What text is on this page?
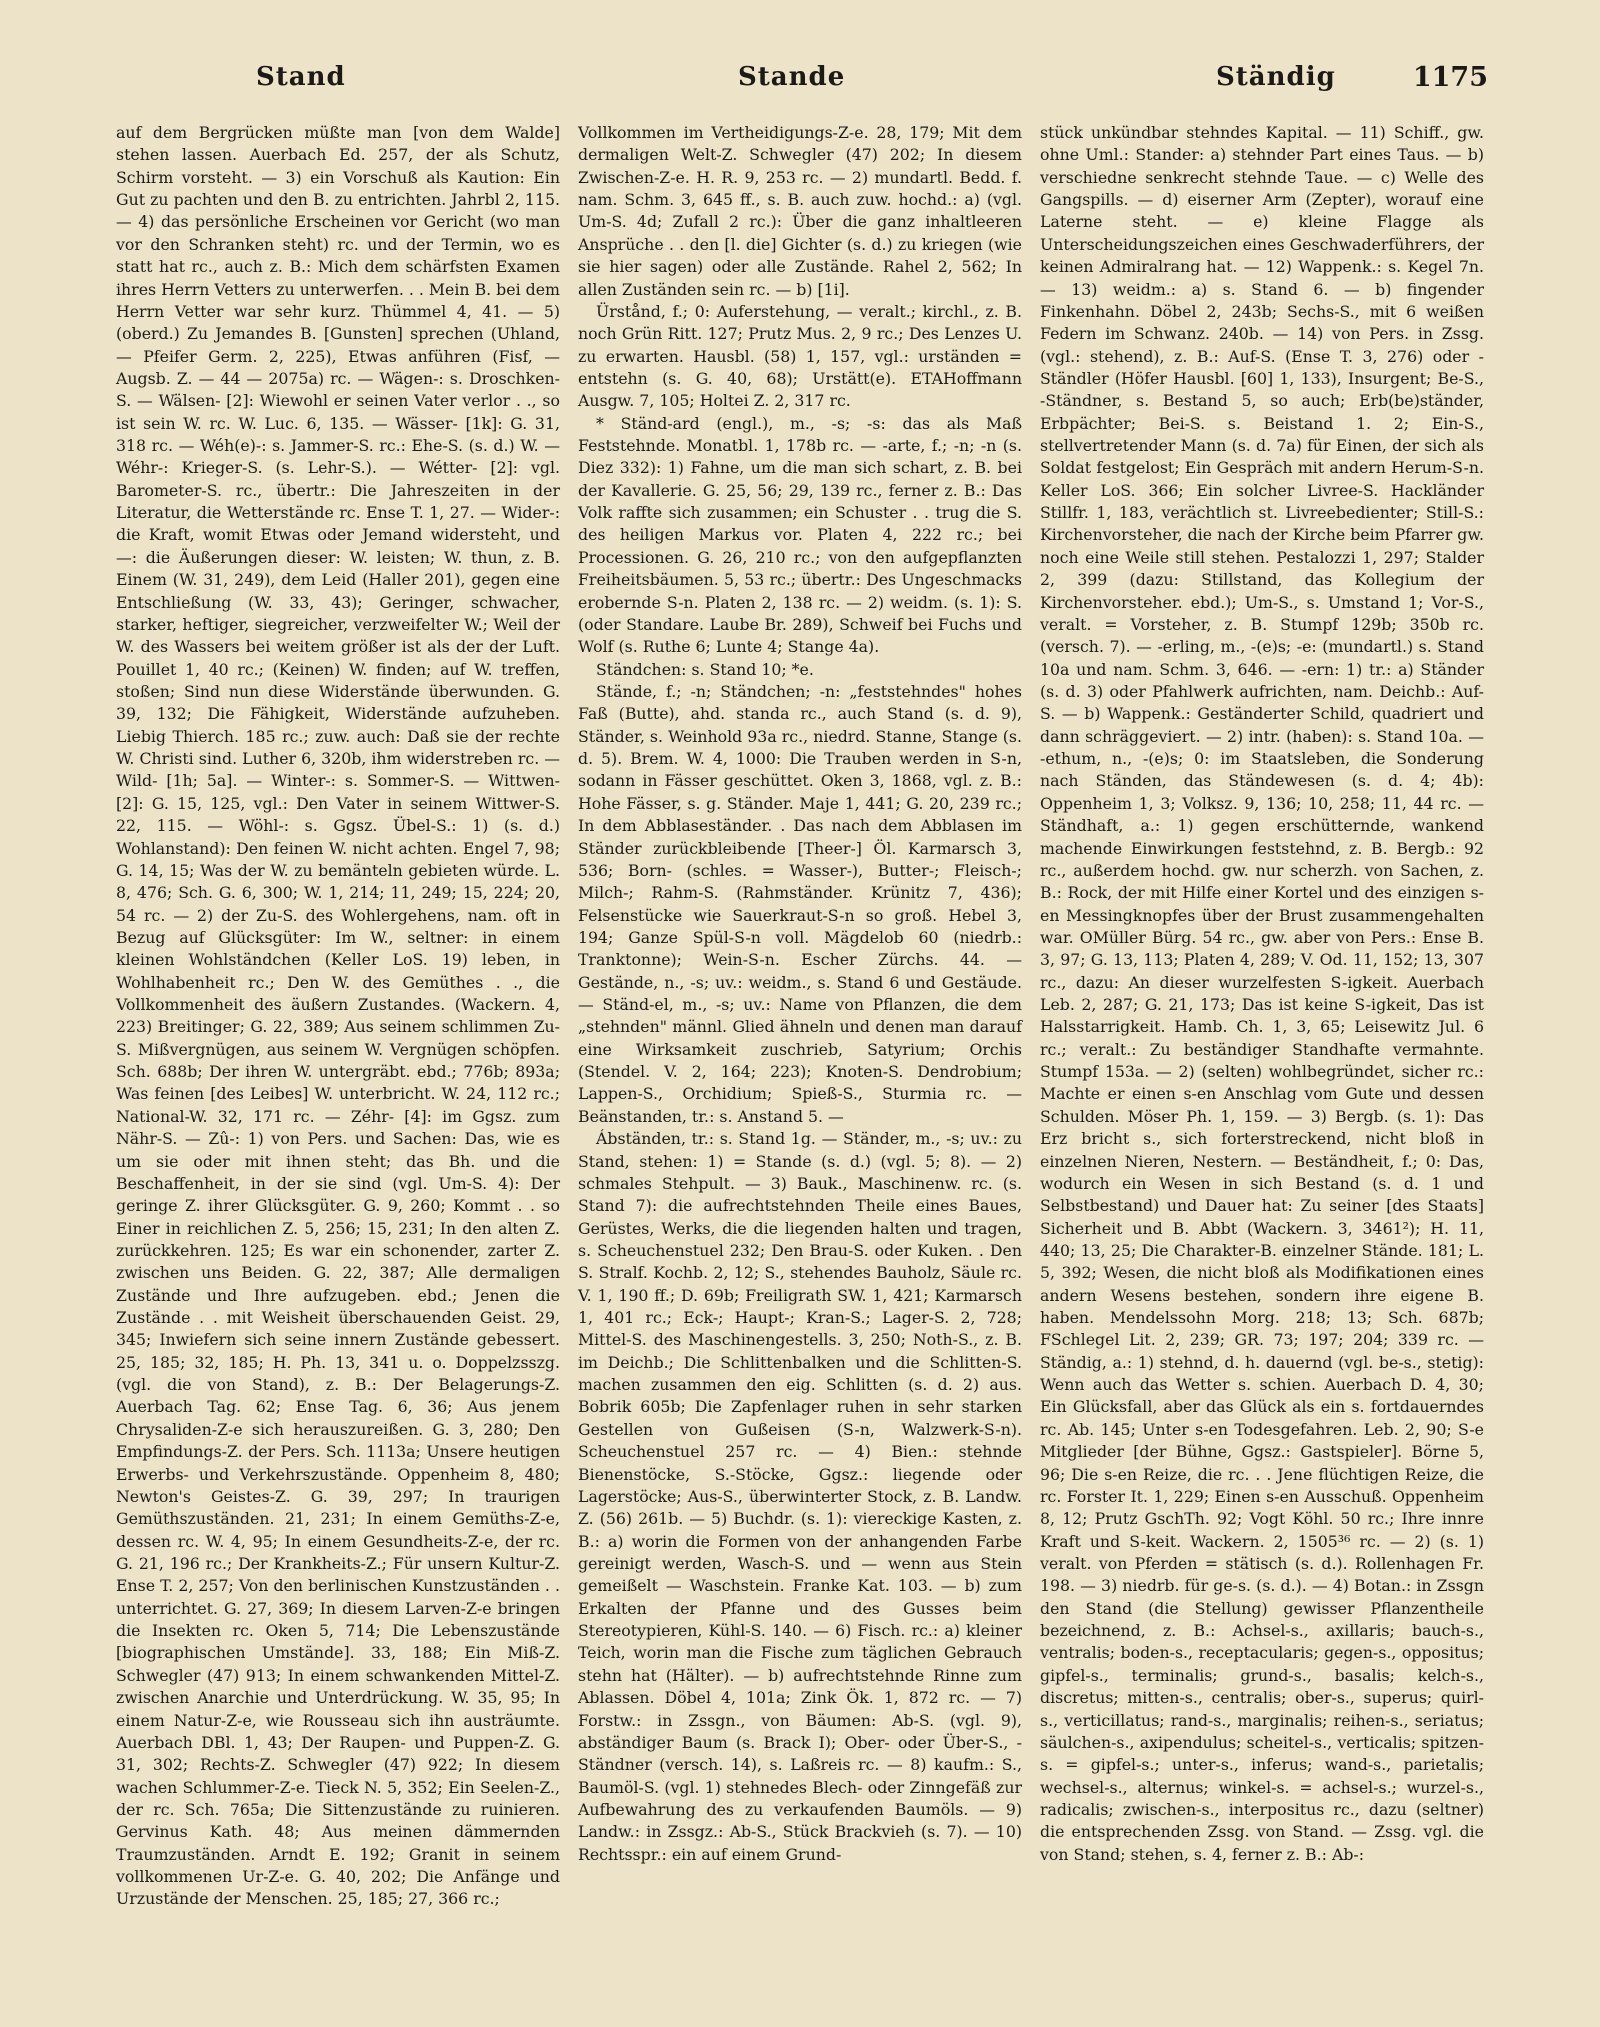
Stand	Stande	Ständig	1175

auf dem Bergrücken müßte man [von dem Walde] stehen lassen. Auerbach Ed. 257, der als Schutz, Schirm vorsteht. — 3) ein Vorschuß als Kaution: Ein Gut zu pachten und den B. zu entrichten. Jahrbl 2, 115. — 4) das persönliche Erscheinen vor Gericht (wo man vor den Schranken steht) rc. und der Termin, wo es statt hat rc., auch z. B.: Mich dem schärfsten Examen ihres Herrn Vetters zu unterwerfen. . . Mein B. bei dem Herrn Vetter war sehr kurz. Thümmel 4, 41. — 5) (oberd.) Zu Jemandes B. [Gunsten] sprechen (Uhland, — Pfeifer Germ. 2, 225), Etwas anführen (Fisf, — Augsb. Z. — 44 — 2075a) rc. — Wägen-: s. Droschken-S. — Wälsen- [2]: Wiewohl er seinen Vater verlor . ., so ist sein W. rc. W. Luc. 6, 135. — Wässer- [1k]: G. 31, 318 rc. — Wéh(e)-: s. Jammer-S. rc.: Ehe-S. (s. d.) W. — Wéhr-: Krieger-S. (s. Lehr-S.). — Wétter- [2]: vgl. Barometer-S. rc., übertr.: Die Jahreszeiten in der Literatur, die Wetterstände rc. Ense T. 1, 27. — Wider-: die Kraft, womit Etwas oder Jemand widersteht, und —: die Äußerungen dieser: W. leisten; W. thun, z. B. Einem (W. 31, 249), dem Leid (Haller 201), gegen eine Entschließung (W. 33, 43); Geringer, schwacher, starker, heftiger, siegreicher, verzweifelter W.; Weil der W. des Wassers bei weitem größer ist als der der Luft. Pouillet 1, 40 rc.; (Keinen) W. finden; auf W. treffen, stoßen; Sind nun diese Widerstände überwunden. G. 39, 132; Die Fähigkeit, Widerstände aufzuheben. Liebig Thierch. 185 rc.; zuw. auch: Daß sie der rechte W. Christi sind. Luther 6, 320b, ihm widerstreben rc. — Wild- [1h; 5a]. — Winter-: s. Sommer-S. — Wittwen- [2]: G. 15, 125, vgl.: Den Vater in seinem Wittwer-S. 22, 115. — Wöhl-: s. Ggsz. Übel-S.: 1) (s. d.) Wohlanstand): Den feinen W. nicht achten. Engel 7, 98; G. 14, 15; Was der W. zu bemänteln gebieten würde. L. 8, 476; Sch. G. 6, 300; W. 1, 214; 11, 249; 15, 224; 20, 54 rc. — 2) der Zu-S. des Wohlergehens, nam. oft in Bezug auf Glücksgüter: Im W., seltner: in einem kleinen Wohlständchen (Keller LoS. 19) leben, in Wohlhabenheit rc.; Den W. des Gemüthes . ., die Vollkommenheit des äußern Zustandes. (Wackern. 4, 223) Breitinger; G. 22, 389; Aus seinem schlimmen Zu-S. Mißvergnügen, aus seinem W. Vergnügen schöpfen. Sch. 688b; Der ihren W. untergräbt. ebd.; 776b; 893a; Was feinen [des Leibes] W. unterbricht. W. 24, 112 rc.; National-W. 32, 171 rc. — Zéhr- [4]: im Ggsz. zum Nähr-S. — Zû-: 1) von Pers. und Sachen: Das, wie es um sie oder mit ihnen steht; das Bh. und die Beschaffenheit, in der sie sind (vgl. Um-S. 4): Der geringe Z. ihrer Glücksgüter. G. 9, 260; Kommt . . so Einer in reichlichen Z. 5, 256; 15, 231; In den alten Z. zurückkehren. 125; Es war ein schonender, zarter Z. zwischen uns Beiden. G. 22, 387; Alle dermaligen Zustände und Ihre aufzugeben. ebd.; Jenen die Zustände . . mit Weisheit überschauenden Geist. 29, 345; Inwiefern sich seine innern Zustände gebessert. 25, 185; 32, 185; H. Ph. 13, 341 u. o. Doppelzsszg. (vgl. die von Stand), z. B.: Der Belagerungs-Z. Auerbach Tag. 62; Ense Tag. 6, 36; Aus jenem Chrysaliden-Z-e sich herauszureißen. G. 3, 280; Den Empfindungs-Z. der Pers. Sch. 1113a; Unsere heutigen Erwerbs- und Verkehrszustände. Oppenheim 8, 480; Newton's Geistes-Z. G. 39, 297; In traurigen Gemüthszuständen. 21, 231; In einem Gemüths-Z-e, dessen rc. W. 4, 95; In einem Gesundheits-Z-e, der rc. G. 21, 196 rc.; Der Krankheits-Z.; Für unsern Kultur-Z. Ense T. 2, 257; Von den berlinischen Kunstzuständen . . unterrichtet. G. 27, 369; In diesem Larven-Z-e bringen die Insekten rc. Oken 5, 714; Die Lebenszustände [biographischen Umstände]. 33, 188; Ein Miß-Z. Schwegler (47) 913; In einem schwankenden Mittel-Z. zwischen Anarchie und Unterdrückung. W. 35, 95; In einem Natur-Z-e, wie Rousseau sich ihn austräumte. Auerbach DBl. 1, 43; Der Raupen- und Puppen-Z. G. 31, 302; Rechts-Z. Schwegler (47) 922; In diesem wachen Schlummer-Z-e. Tieck N. 5, 352; Ein Seelen-Z., der rc. Sch. 765a; Die Sittenzustände zu ruinieren. Gervinus Kath. 48; Aus meinen dämmernden Traumzuständen. Arndt E. 192; Granit in seinem vollkommenen Ur-Z-e. G. 40, 202; Die Anfänge und Urzustände der Menschen. 25, 185; 27, 366 rc.;

Vollkommen im Vertheidigungs-Z-e. 28, 179; Mit dem dermaligen Welt-Z. Schwegler (47) 202; In diesem Zwischen-Z-e. H. R. 9, 253 rc. — 2) mundartl. Bedd. f. nam. Schm. 3, 645 ff., s. B. auch zuw. hochd.: a) (vgl. Um-S. 4d; Zufall 2 rc.): Über die ganz inhaltleeren Ansprüche . . den [l. die] Gichter (s. d.) zu kriegen (wie sie hier sagen) oder alle Zustände. Rahel 2, 562; In allen Zuständen sein rc. — b) [1i].

Ürstånd, f.; 0: Auferstehung, — veralt.; kirchl., z. B. noch Grün Ritt. 127; Prutz Mus. 2, 9 rc.; Des Lenzes U. zu erwarten. Hausbl. (58) 1, 157, vgl.: urständen = entstehn (s. G. 40, 68); Urstätt(e). ETAHoffmann Ausgw. 7, 105; Holtei Z. 2, 317 rc.

* Ständ-ard (engl.), m., -s; -s: das als Maß Feststehnde. Monatbl. 1, 178b rc. — -arte, f.; -n; -n (s. Diez 332): 1) Fahne, um die man sich schart, z. B. bei der Kavallerie. G. 25, 56; 29, 139 rc., ferner z. B.: Das Volk raffte sich zusammen; ein Schuster . . trug die S. des heiligen Markus vor. Platen 4, 222 rc.; bei Processionen. G. 26, 210 rc.; von den aufgepflanzten Freiheitsbäumen. 5, 53 rc.; übertr.: Des Ungeschmacks erobernde S-n. Platen 2, 138 rc. — 2) weidm. (s. 1): S. (oder Standare. Laube Br. 289), Schweif bei Fuchs und Wolf (s. Ruthe 6; Lunte 4; Stange 4a).

Ständchen: s. Stand 10; *e.

Stände, f.; -n; Ständchen; -n: „feststehndes" hohes Faß (Butte), ahd. standa rc., auch Stand (s. d. 9), Ständer, s. Weinhold 93a rc., niedrd. Stanne, Stange (s. d. 5). Brem. W. 4, 1000: Die Trauben werden in S-n, sodann in Fässer geschüttet. Oken 3, 1868, vgl. z. B.: Hohe Fässer, s. g. Ständer. Maje 1, 441; G. 20, 239 rc.; In dem Abblaseständer. . Das nach dem Abblasen im Ständer zurückbleibende [Theer-] Öl. Karmarsch 3, 536; Born- (schles. = Wasser-), Butter-; Fleisch-; Milch-; Rahm-S. (Rahmständer. Krünitz 7, 436); Felsenstücke wie Sauerkraut-S-n so groß. Hebel 3, 194; Ganze Spül-S-n voll. Mägdelob 60 (niedrb.: Tranktonne); Wein-S-n. Escher Zürchs. 44. — Gestände, n., -s; uv.: weidm., s. Stand 6 und Gestäude. — Ständ-el, m., -s; uv.: Name von Pflanzen, die dem „stehnden" männl. Glied ähneln und denen man darauf eine Wirksamkeit zuschrieb, Satyrium; Orchis (Stendel. V. 2, 164; 223); Knoten-S. Dendrobium; Lappen-S., Orchidium; Spieß-S., Sturmia rc. — Beänstanden, tr.: s. Anstand 5. —

Ábständen, tr.: s. Stand 1g. — Ständer, m., -s; uv.: zu Stand, stehen: 1) = Stande (s. d.) (vgl. 5; 8). — 2) schmales Stehpult. — 3) Bauk., Maschinenw. rc. (s. Stand 7): die aufrechtstehnden Theile eines Baues, Gerüstes, Werks, die die liegenden halten und tragen, s. Scheuchenstuel 232; Den Brau-S. oder Kuken. . Den S. Stralf. Kochb. 2, 12; S., stehendes Bauholz, Säule rc. V. 1, 190 ff.; D. 69b; Freiligrath SW. 1, 421; Karmarsch 1, 401 rc.; Eck-; Haupt-; Kran-S.; Lager-S. 2, 728; Mittel-S. des Maschinengestells. 3, 250; Noth-S., z. B. im Deichb.; Die Schlittenbalken und die Schlitten-S. machen zusammen den eig. Schlitten (s. d. 2) aus. Bobrik 605b; Die Zapfenlager ruhen in sehr starken Gestellen von Gußeisen (S-n, Walzwerk-S-n). Scheuchenstuel 257 rc. — 4) Bien.: stehnde Bienenstöcke, S.-Stöcke, Ggsz.: liegende oder Lagerstöcke; Aus-S., überwinterter Stock, z. B. Landw. Z. (56) 261b. — 5) Buchdr. (s. 1): viereckige Kasten, z. B.: a) worin die Formen von der anhangenden Farbe gereinigt werden, Wasch-S. und — wenn aus Stein gemeißelt — Waschstein. Franke Kat. 103. — b) zum Erkalten der Pfanne und des Gusses beim Stereotypieren, Kühl-S. 140. — 6) Fisch. rc.: a) kleiner Teich, worin man die Fische zum täglichen Gebrauch stehn hat (Hälter). — b) aufrechtstehnde Rinne zum Ablassen. Döbel 4, 101a; Zink Ök. 1, 872 rc. — 7) Forstw.: in Zssgn., von Bäumen: Ab-S. (vgl. 9), abständiger Baum (s. Brack I); Ober- oder Über-S., -Ständner (versch. 14), s. Laßreis rc. — 8) kaufm.: S., Baumöl-S. (vgl. 1) stehnedes Blech- oder Zinngefäß zur Aufbewahrung des zu verkaufenden Baumöls. — 9) Landw.: in Zssgz.: Ab-S., Stück Brackvieh (s. 7). — 10) Rechtsspr.: ein auf einem Grund-

stück unkündbar stehndes Kapital. — 11) Schiff., gw. ohne Uml.: Stander: a) stehnder Part eines Taus. — b) verschiedne senkrecht stehnde Taue. — c) Welle des Gangspills. — d) eiserner Arm (Zepter), worauf eine Laterne steht. — e) kleine Flagge als Unterscheidungszeichen eines Geschwaderführers, der keinen Admiralrang hat. — 12) Wappenk.: s. Kegel 7n. — 13) weidm.: a) s. Stand 6. — b) fingender Finkenhahn. Döbel 2, 243b; Sechs-S., mit 6 weißen Federn im Schwanz. 240b. — 14) von Pers. in Zssg. (vgl.: stehend), z. B.: Auf-S. (Ense T. 3, 276) oder -Ständler (Höfer Hausbl. [60] 1, 133), Insurgent; Be-S., -Ständner, s. Bestand 5, so auch; Erb(be)ständer, Erbpächter; Bei-S. s. Beistand 1. 2; Ein-S., stellvertretender Mann (s. d. 7a) für Einen, der sich als Soldat festgelost; Ein Gespräch mit andern Herum-S-n. Keller LoS. 366; Ein solcher Livree-S. Hackländer Stillfr. 1, 183, verächtlich st. Livreebedienter; Still-S.: Kirchenvorsteher, die nach der Kirche beim Pfarrer gw. noch eine Weile still stehen. Pestalozzi 1, 297; Stalder 2, 399 (dazu: Stillstand, das Kollegium der Kirchenvorsteher. ebd.); Um-S., s. Umstand 1; Vor-S., veralt. = Vorsteher, z. B. Stumpf 129b; 350b rc. (versch. 7). — -erling, m., -(e)s; -e: (mundartl.) s. Stand 10a und nam. Schm. 3, 646. — -ern: 1) tr.: a) Ständer (s. d. 3) oder Pfahlwerk aufrichten, nam. Deichb.: Auf-S. — b) Wappenk.: Geständerter Schild, quadriert und dann schräggeviert. — 2) intr. (haben): s. Stand 10a. — -ethum, n., -(e)s; 0: im Staatsleben, die Sonderung nach Ständen, das Ständewesen (s. d. 4; 4b): Oppenheim 1, 3; Volksz. 9, 136; 10, 258; 11, 44 rc. — Ständhaft, a.: 1) gegen erschütternde, wankend machende Einwirkungen feststehnd, z. B. Bergb.: 92 rc., außerdem hochd. gw. nur scherzh. von Sachen, z. B.: Rock, der mit Hilfe einer Kortel und des einzigen s-en Messingknopfes über der Brust zusammengehalten war. OMüller Bürg. 54 rc., gw. aber von Pers.: Ense B. 3, 97; G. 13, 113; Platen 4, 289; V. Od. 11, 152; 13, 307 rc., dazu: An dieser wurzelfesten S-igkeit. Auerbach Leb. 2, 287; G. 21, 173; Das ist keine S-igkeit, Das ist Halsstarrigkeit. Hamb. Ch. 1, 3, 65; Leisewitz Jul. 6 rc.; veralt.: Zu beständiger Standhafte vermahnte. Stumpf 153a. — 2) (selten) wohlbegründet, sicher rc.: Machte er einen s-en Anschlag vom Gute und dessen Schulden. Möser Ph. 1, 159. — 3) Bergb. (s. 1): Das Erz bricht s., sich forterstreckend, nicht bloß in einzelnen Nieren, Nestern. — Beständheit, f.; 0: Das, wodurch ein Wesen in sich Bestand (s. d. 1 und Selbstbestand) und Dauer hat: Zu seiner [des Staats] Sicherheit und B. Abbt (Wackern. 3, 3461²); H. 11, 440; 13, 25; Die Charakter-B. einzelner Stände. 181; L. 5, 392; Wesen, die nicht bloß als Modifikationen eines andern Wesens bestehen, sondern ihre eigene B. haben. Mendelssohn Morg. 218; 13; Sch. 687b; FSchlegel Lit. 2, 239; GR. 73; 197; 204; 339 rc. — Ständig, a.: 1) stehnd, d. h. dauernd (vgl. be-s., stetig): Wenn auch das Wetter s. schien. Auerbach D. 4, 30; Ein Glücksfall, aber das Glück als ein s. fortdauerndes rc. Ab. 145; Unter s-en Todesgefahren. Leb. 2, 90; S-e Mitglieder [der Bühne, Ggsz.: Gastspieler]. Börne 5, 96; Die s-en Reize, die rc. . . Jene flüchtigen Reize, die rc. Forster It. 1, 229; Einen s-en Ausschuß. Oppenheim 8, 12; Prutz GschTh. 92; Vogt Köhl. 50 rc.; Ihre innre Kraft und S-keit. Wackern. 2, 1505³⁶ rc. — 2) (s. 1) veralt. von Pferden = stätisch (s. d.). Rollenhagen Fr. 198. — 3) niedrb. für ge-s. (s. d.). — 4) Botan.: in Zssgn den Stand (die Stellung) gewisser Pflanzentheile bezeichnend, z. B.: Achsel-s., axillaris; bauch-s., ventralis; boden-s., receptacularis; gegen-s., oppositus; gipfel-s., terminalis; grund-s., basalis; kelch-s., discretus; mitten-s., centralis; ober-s., superus; quirl-s., verticillatus; rand-s., marginalis; reihen-s., seriatus; säulchen-s., axipendulus; scheitel-s., verticalis; spitzen-s. = gipfel-s.; unter-s., inferus; wand-s., parietalis; wechsel-s., alternus; winkel-s. = achsel-s.; wurzel-s., radicalis; zwischen-s., interpositus rc., dazu (seltner) die entsprechenden Zssg. von Stand. — Zssg. vgl. die von Stand; stehen, s. 4, ferner z. B.: Ab-:
